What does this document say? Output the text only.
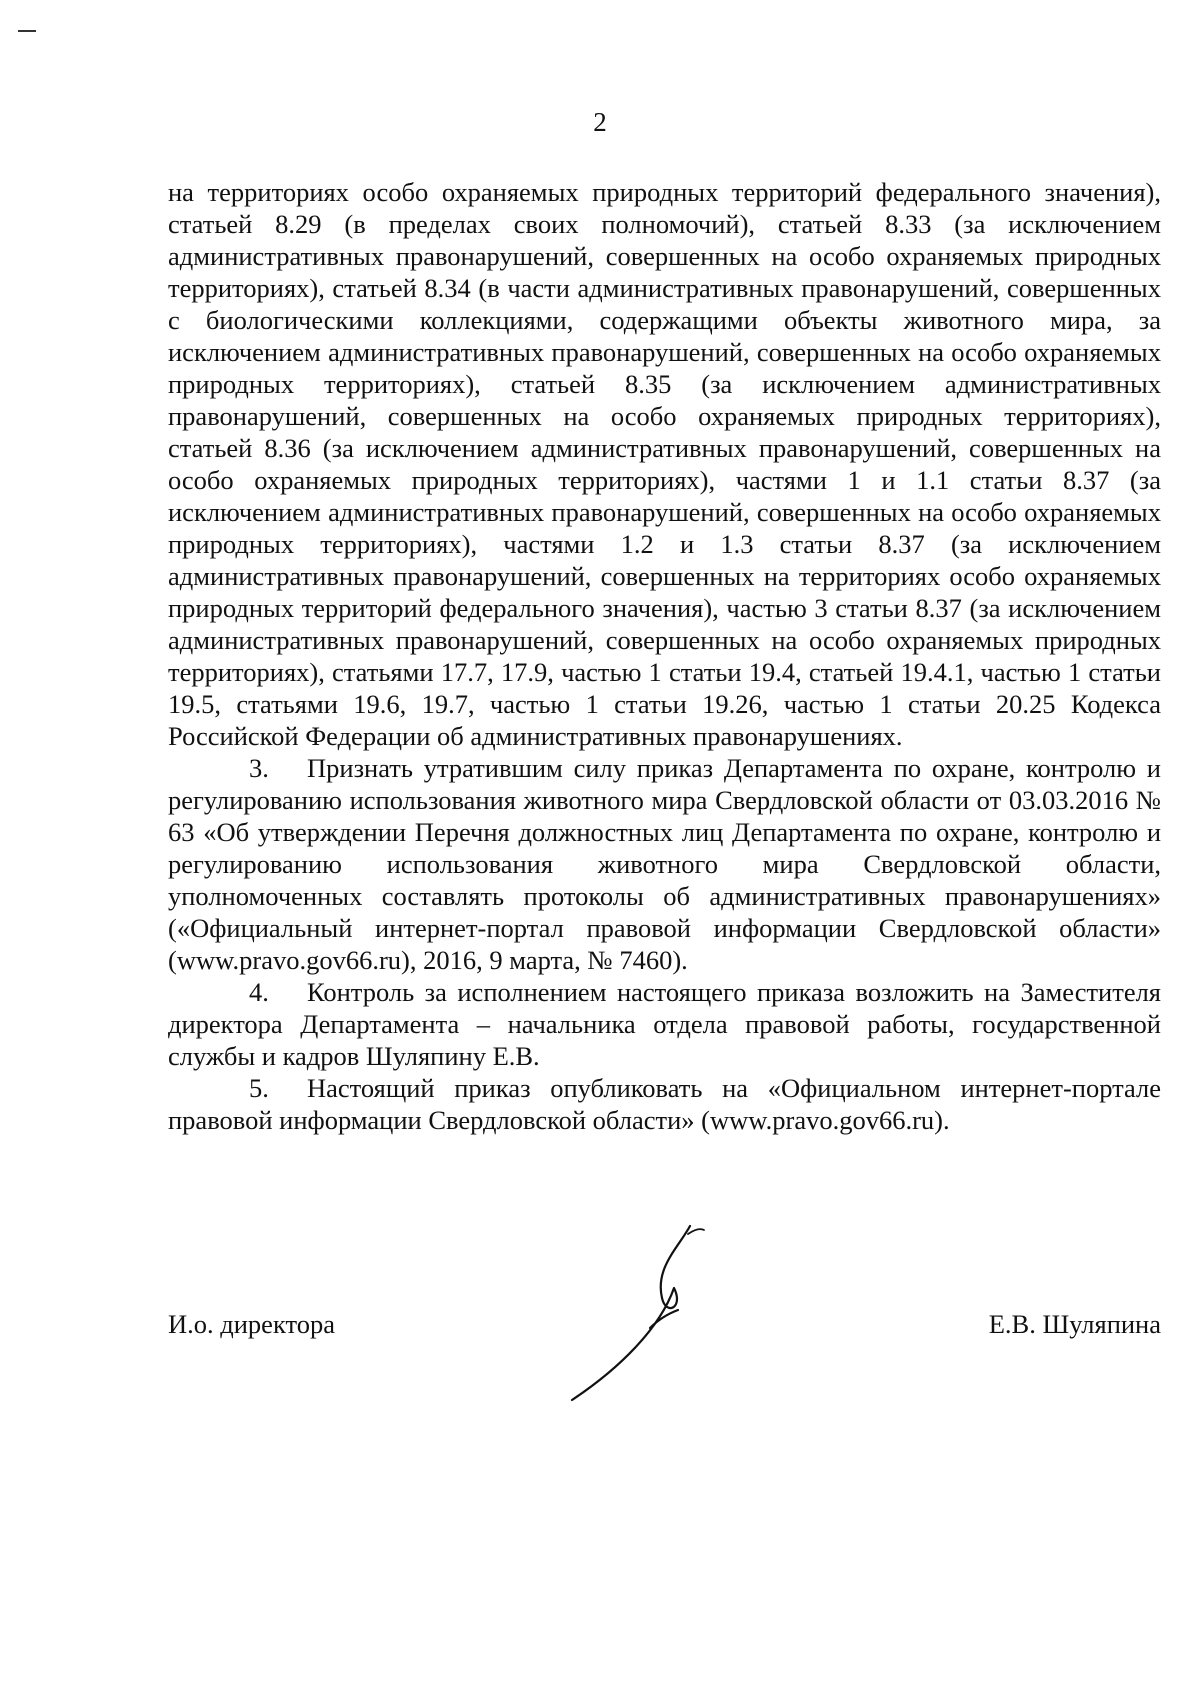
2

на территориях особо охраняемых природных территорий федерального значения), статьей 8.29 (в пределах своих полномочий), статьей 8.33 (за исключением административных правонарушений, совершенных на особо охраняемых природных территориях), статьей 8.34 (в части административных правонарушений, совершенных с биологическими коллекциями, содержащими объекты животного мира, за исключением административных правонарушений, совершенных на особо охраняемых природных территориях), статьей 8.35 (за исключением административных правонарушений, совершенных на особо охраняемых природных территориях), статьей 8.36 (за исключением административных правонарушений, совершенных на особо охраняемых природных территориях), частями 1 и 1.1 статьи 8.37 (за исключением административных правонарушений, совершенных на особо охраняемых природных территориях), частями 1.2 и 1.3 статьи 8.37 (за исключением административных правонарушений, совершенных на территориях особо охраняемых природных территорий федерального значения), частью 3 статьи 8.37 (за исключением административных правонарушений, совершенных на особо охраняемых природных территориях), статьями 17.7, 17.9, частью 1 статьи 19.4, статьей 19.4.1, частью 1 статьи 19.5, статьями 19.6, 19.7, частью 1 статьи 19.26, частью 1 статьи 20.25 Кодекса Российской Федерации об административных правонарушениях.

3. Признать утратившим силу приказ Департамента по охране, контролю и регулированию использования животного мира Свердловской области от 03.03.2016 № 63 «Об утверждении Перечня должностных лиц Департамента по охране, контролю и регулированию использования животного мира Свердловской области, уполномоченных составлять протоколы об административных правонарушениях» («Официальный интернет-портал правовой информации Свердловской области» (www.pravo.gov66.ru), 2016, 9 марта, № 7460).

4. Контроль за исполнением настоящего приказа возложить на Заместителя директора Департамента – начальника отдела правовой работы, государственной службы и кадров Шуляпину Е.В.

5. Настоящий приказ опубликовать на «Официальном интернет-портале правовой информации Свердловской области» (www.pravo.gov66.ru).

И.о. директора	Е.В. Шуляпина
